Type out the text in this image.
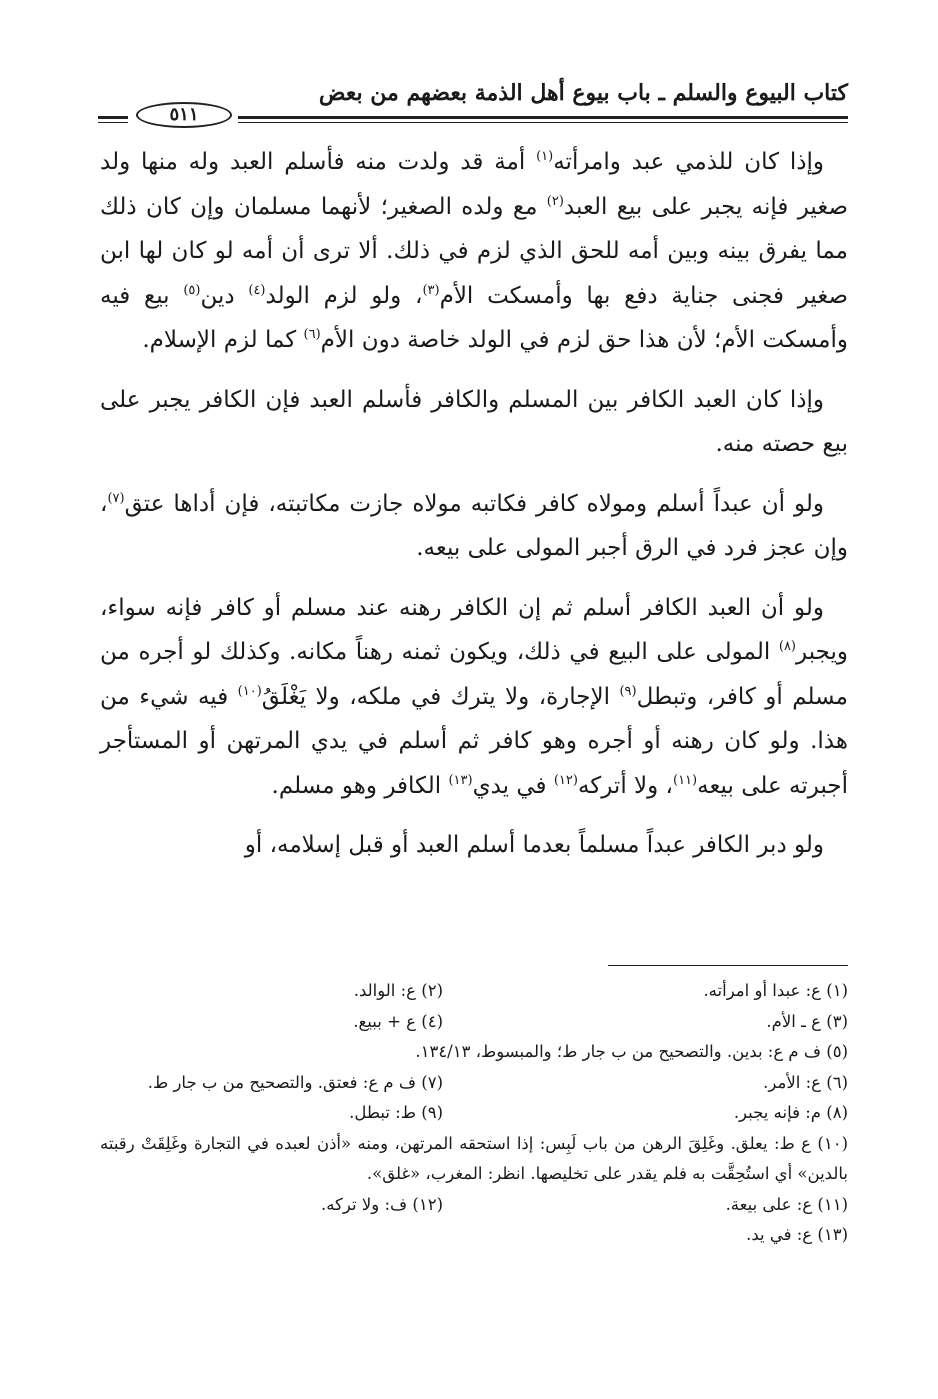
كتاب البيوع والسلم ـ باب بيوع أهل الذمة بعضهم من بعض
٥١١

وإذا كان للذمي عبد وامرأته$^{(١)}$ أمة قد ولدت منه فأسلم العبد وله منها ولد صغير فإنه يجبر على بيع العبد$^{(٢)}$ مع ولده الصغير؛ لأنهما مسلمان وإن كان ذلك مما يفرق بينه وبين أمه للحق الذي لزم في ذلك. ألا ترى أن أمه لو كان لها ابن صغير فجنى جناية دفع بها وأمسكت الأم$^{(٣)}$، ولو لزم الولد$^{(٤)}$ دين$^{(٥)}$ بيع فيه وأمسكت الأم؛ لأن هذا حق لزم في الولد خاصة دون الأم$^{(٦)}$ كما لزم الإسلام.

وإذا كان العبد الكافر بين المسلم والكافر فأسلم العبد فإن الكافر يجبر على بيع حصته منه.

ولو أن عبداً أسلم ومولاه كافر فكاتبه مولاه جازت مكاتبته، فإن أداها عتق$^{(٧)}$، وإن عجز فرد في الرق أجبر المولى على بيعه.

ولو أن العبد الكافر أسلم ثم إن الكافر رهنه عند مسلم أو كافر فإنه سواء، ويجبر$^{(٨)}$ المولى على البيع في ذلك، ويكون ثمنه رهناً مكانه. وكذلك لو أجره من مسلم أو كافر، وتبطل$^{(٩)}$ الإجارة، ولا يترك في ملكه، ولا يَغْلَقُ$^{(١٠)}$ فيه شيء من هذا. ولو كان رهنه أو أجره وهو كافر ثم أسلم في يدي المرتهن أو المستأجر أجبرته على بيعه$^{(١١)}$، ولا أتركه$^{(١٢)}$ في يدي$^{(١٣)}$ الكافر وهو مسلم.

ولو دبر الكافر عبداً مسلماً بعدما أسلم العبد أو قبل إسلامه، أو

(١) ع: عبدا أو امرأته.
(٢) ع: الوالد.
(٣) ع ـ الأم.
(٤) ع + ببيع.
(٥) ف م ع: بدين. والتصحيح من ب جار ط؛ والمبسوط، ١٣٤/١٣.
(٦) ع: الأمر.
(٧) ف م ع: فعتق. والتصحيح من ب جار ط.
(٨) م: فإنه يجبر.
(٩) ط: تبطل.
(١٠) ع ط: يعلق. وغَلِقَ الرهن من باب لَبِس: إذا استحقه المرتهن، ومنه «أذن لعبده في التجارة وغَلِقَتْ رقبته بالدين» أي استُحِقَّت به فلم يقدر على تخليصها. انظر: المغرب، «غلق».
(١١) ع: على بيعة.
(١٢) ف: ولا تركه.
(١٣) ع: في يد.
